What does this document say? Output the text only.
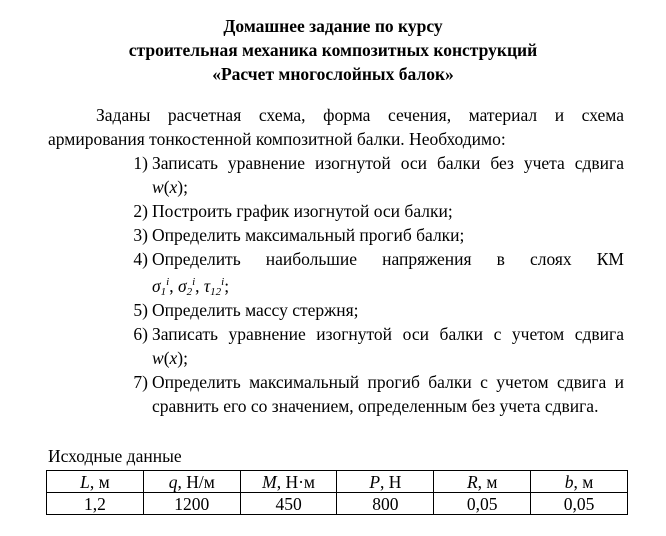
Домашнее задание по курсу
строительная механика композитных конструкций
«Расчет многослойных балок»
Заданы расчетная схема, форма сечения, материал и схема
армирования тонкостенной композитной балки. Необходимо:
1) Записать уравнение изогнутой оси балки без учета сдвига
w(x);
2) Построить график изогнутой оси балки;
3) Определить максимальный прогиб балки;
4) Определить наибольшие напряжения в слоях КМ
$\sigma_1^i$, $\sigma_2^i$, $\tau_{12}^i$;
5) Определить массу стержня;
6) Записать уравнение изогнутой оси балки с учетом сдвига
w(x);
7) Определить максимальный прогиб балки с учетом сдвига и
сравнить его со значением, определенным без учета сдвига.
Исходные данные
L, м	q, Н/м	M, Н·м	P, Н	R, м	b, м
1,2	1200	450	800	0,05	0,05
